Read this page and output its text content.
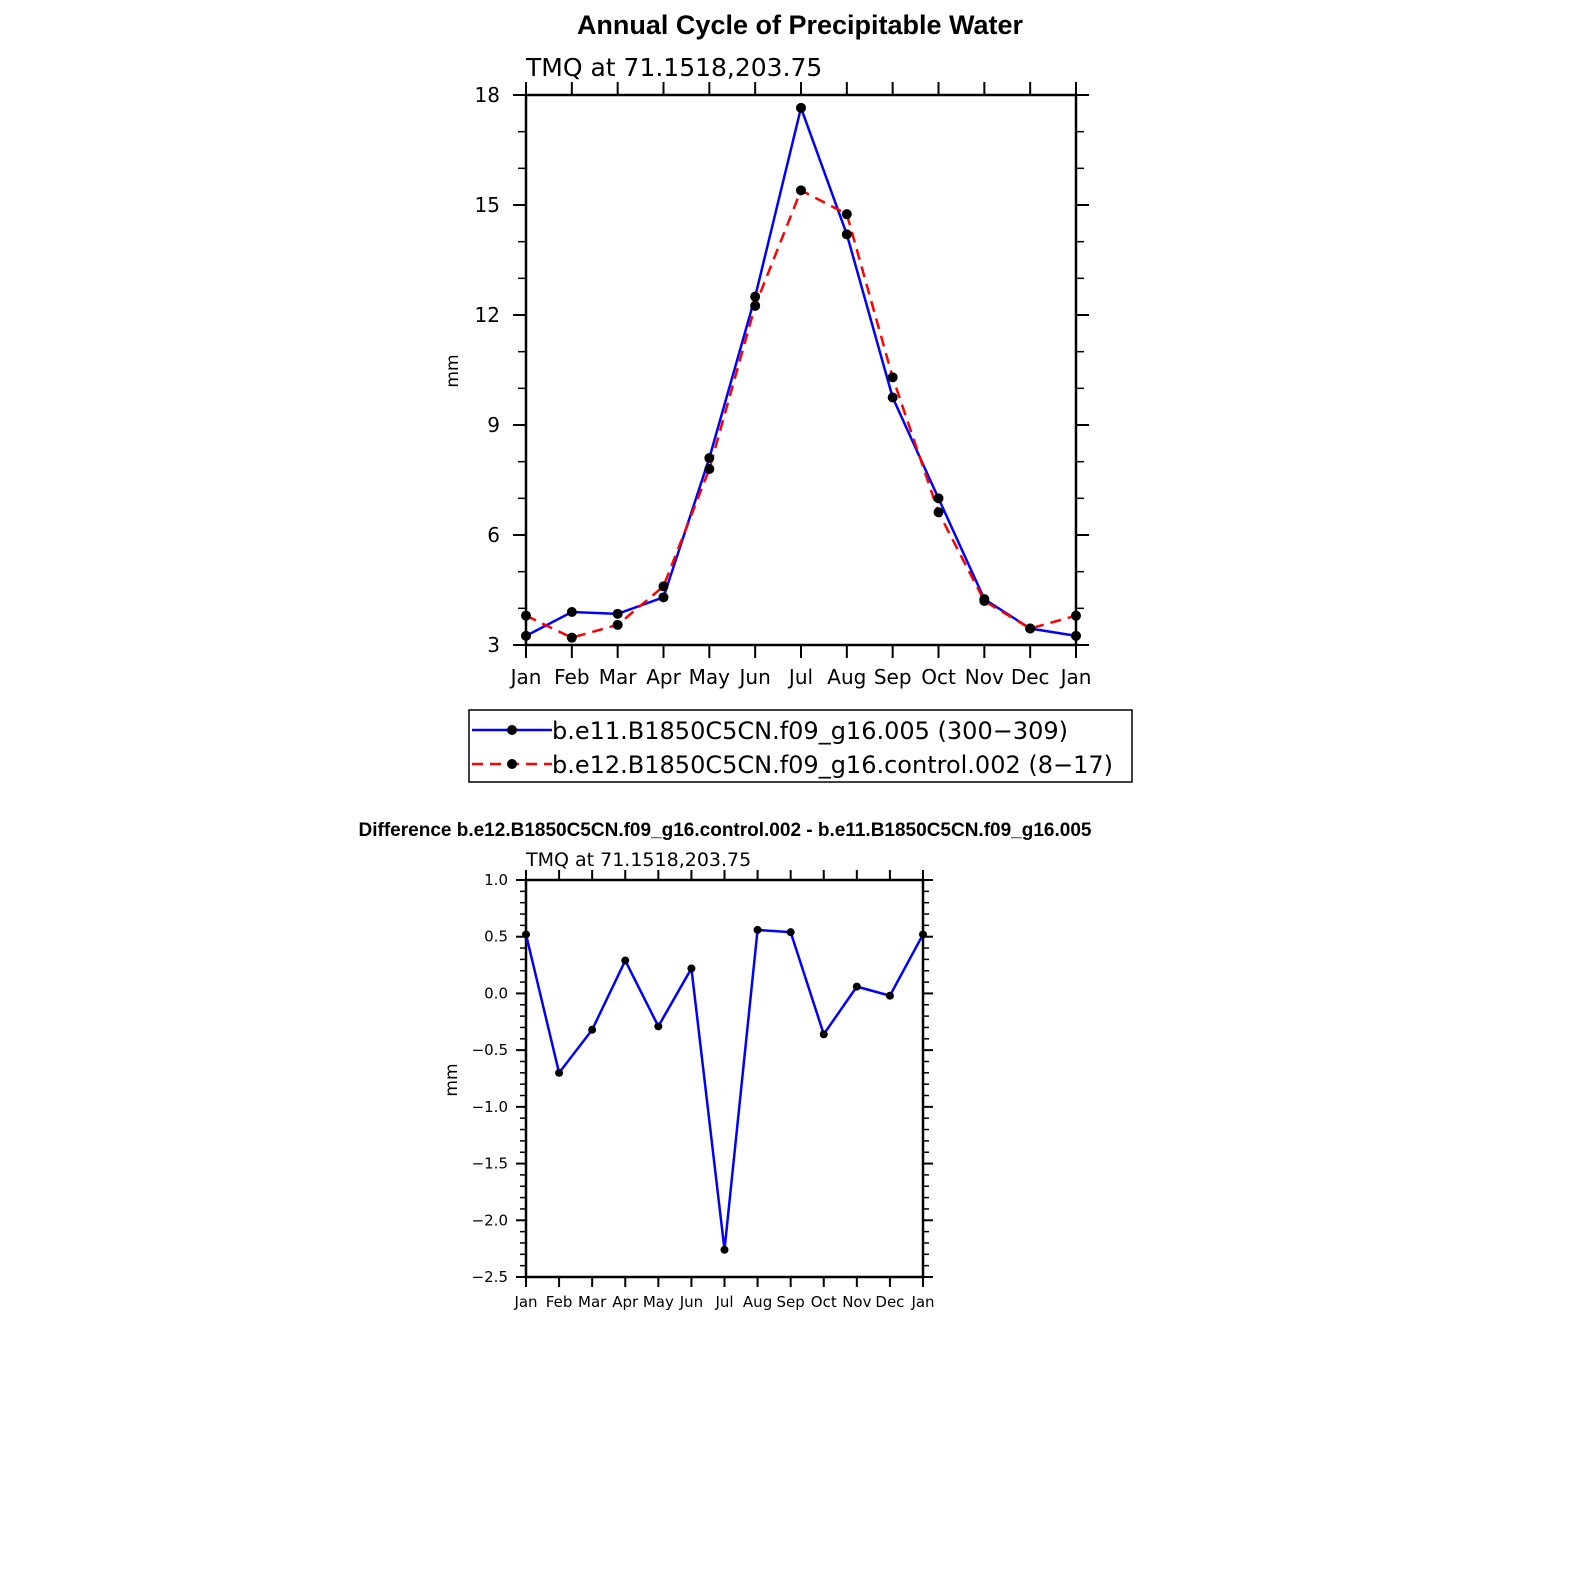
Annual Cycle of Precipitable Water
TMQ at 71.1518,203.75
mm
Jan Feb Mar Apr May Jun Jul Aug Sep Oct Nov Dec Jan
3
6
9
12
15
18
b.e11.B1850C5CN.f09_g16.005 (300−309)
b.e12.B1850C5CN.f09_g16.control.002 (8−17)
Difference b.e12.B1850C5CN.f09_g16.control.002 - b.e11.B1850C5CN.f09_g16.005
TMQ at 71.1518,203.75
mm
Jan Feb Mar Apr May Jun Jul Aug Sep Oct Nov Dec Jan
−2.5
−2.0
−1.5
−1.0
−0.5
0.0
0.5
1.0
